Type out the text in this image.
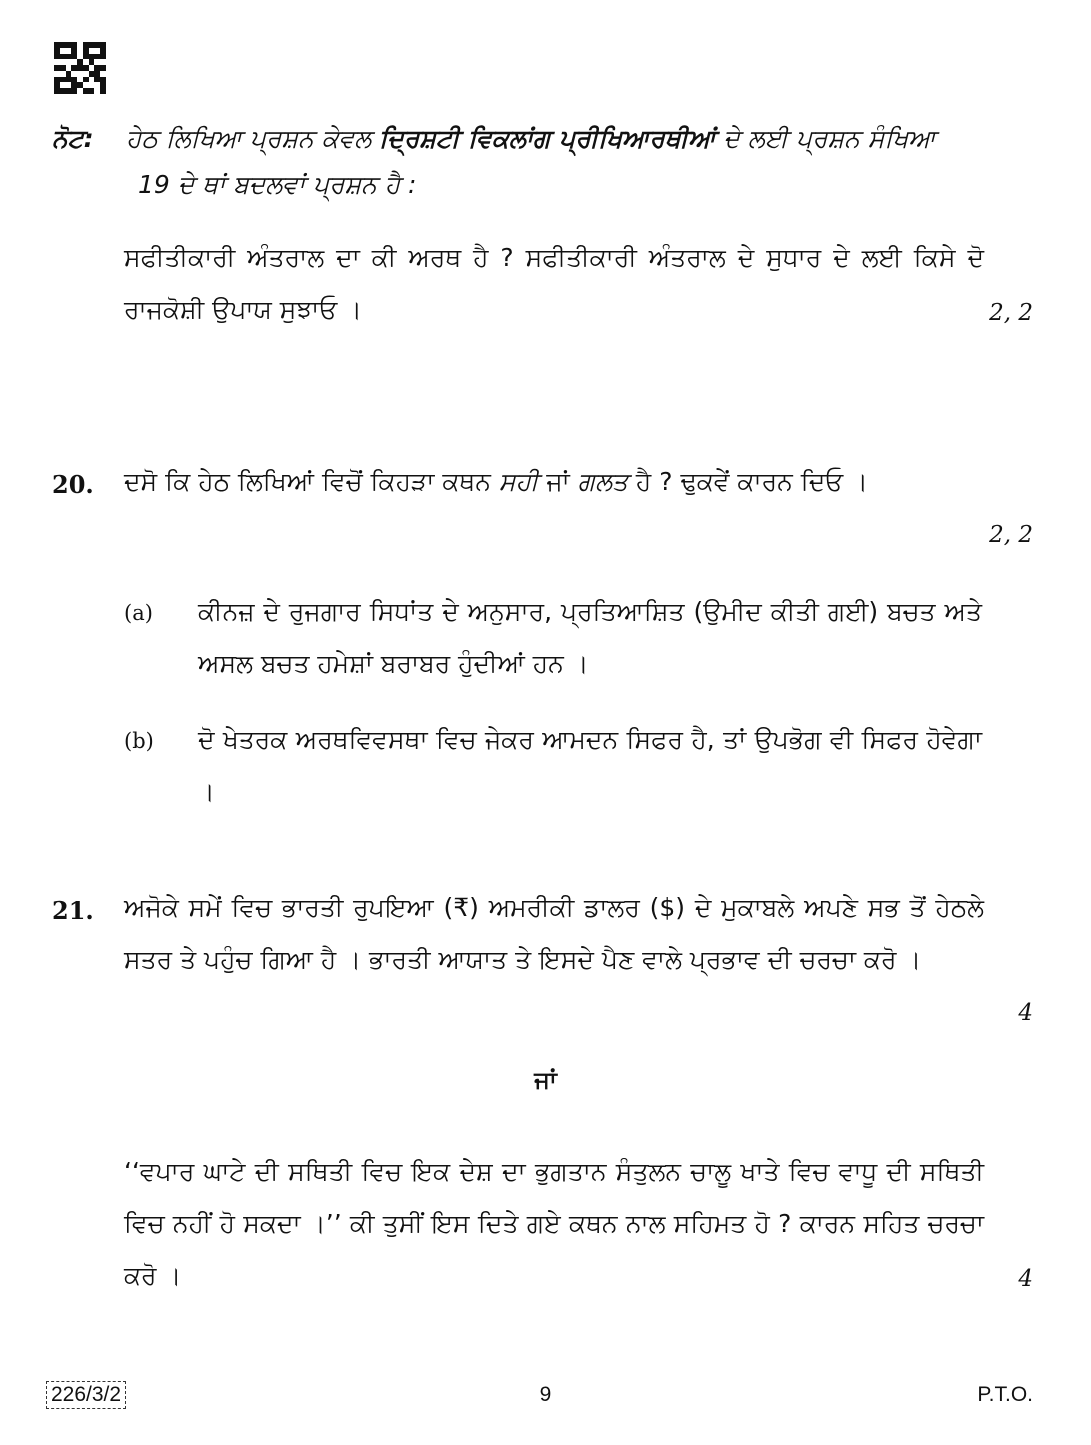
ਨੋਟ: ਹੇਠ ਲਿਖਿਆ ਪ੍ਰਸ਼ਨ ਕੇਵਲ ਦ੍ਰਿਸ਼ਟੀ ਵਿਕਲਾਂਗ ਪ੍ਰੀਖਿਆਰਥੀਆਂ ਦੇ ਲਈ ਪ੍ਰਸ਼ਨ ਸੰਖਿਆ
19 ਦੇ ਥਾਂ ਬਦਲਵਾਂ ਪ੍ਰਸ਼ਨ ਹੈ :
ਸਫੀਤੀਕਾਰੀ ਅੰਤਰਾਲ ਦਾ ਕੀ ਅਰਥ ਹੈ ? ਸਫੀਤੀਕਾਰੀ ਅੰਤਰਾਲ ਦੇ ਸੁਧਾਰ ਦੇ ਲਈ ਕਿਸੇ ਦੋ ਰਾਜਕੋਸ਼ੀ ਉਪਾਯ ਸੁਝਾਓ ।	2, 2
20. ਦਸੋ ਕਿ ਹੇਠ ਲਿਖਿਆਂ ਵਿਚੋਂ ਕਿਹੜਾ ਕਥਨ ਸਹੀ ਜਾਂ ਗਲਤ ਹੈ ? ਢੁਕਵੇਂ ਕਾਰਨ ਦਿਓ ।
2, 2
(a) ਕੀਨਜ਼ ਦੇ ਰੁਜਗਾਰ ਸਿਧਾਂਤ ਦੇ ਅਨੁਸਾਰ, ਪ੍ਰਤਿਆਸ਼ਿਤ (ਉਮੀਦ ਕੀਤੀ ਗਈ) ਬਚਤ ਅਤੇ ਅਸਲ ਬਚਤ ਹਮੇਸ਼ਾਂ ਬਰਾਬਰ ਹੁੰਦੀਆਂ ਹਨ ।
(b) ਦੋ ਖੇਤਰਕ ਅਰਥਵਿਵਸਥਾ ਵਿਚ ਜੇਕਰ ਆਮਦਨ ਸਿਫਰ ਹੈ, ਤਾਂ ਉਪਭੋਗ ਵੀ ਸਿਫਰ ਹੋਵੇਗਾ ।
21. ਅਜੋਕੇ ਸਮੇਂ ਵਿਚ ਭਾਰਤੀ ਰੁਪਇਆ (₹) ਅਮਰੀਕੀ ਡਾਲਰ ($) ਦੇ ਮੁਕਾਬਲੇ ਅਪਣੇ ਸਭ ਤੋਂ ਹੇਠਲੇ ਸਤਰ ਤੇ ਪਹੁੰਚ ਗਿਆ ਹੈ । ਭਾਰਤੀ ਆਯਾਤ ਤੇ ਇਸਦੇ ਪੈਣ ਵਾਲੇ ਪ੍ਰਭਾਵ ਦੀ ਚਰਚਾ ਕਰੋ ।
4
ਜਾਂ
‘‘ਵਪਾਰ ਘਾਟੇ ਦੀ ਸਥਿਤੀ ਵਿਚ ਇਕ ਦੇਸ਼ ਦਾ ਭੁਗਤਾਨ ਸੰਤੁਲਨ ਚਾਲੂ ਖਾਤੇ ਵਿਚ ਵਾਧੂ ਦੀ ਸਥਿਤੀ ਵਿਚ ਨਹੀਂ ਹੋ ਸਕਦਾ ।’’ ਕੀ ਤੁਸੀਂ ਇਸ ਦਿਤੇ ਗਏ ਕਥਨ ਨਾਲ ਸਹਿਮਤ ਹੋ ? ਕਾਰਨ ਸਹਿਤ ਚਰਚਾ ਕਰੋ ।	4
226/3/2	9	P.T.O.
